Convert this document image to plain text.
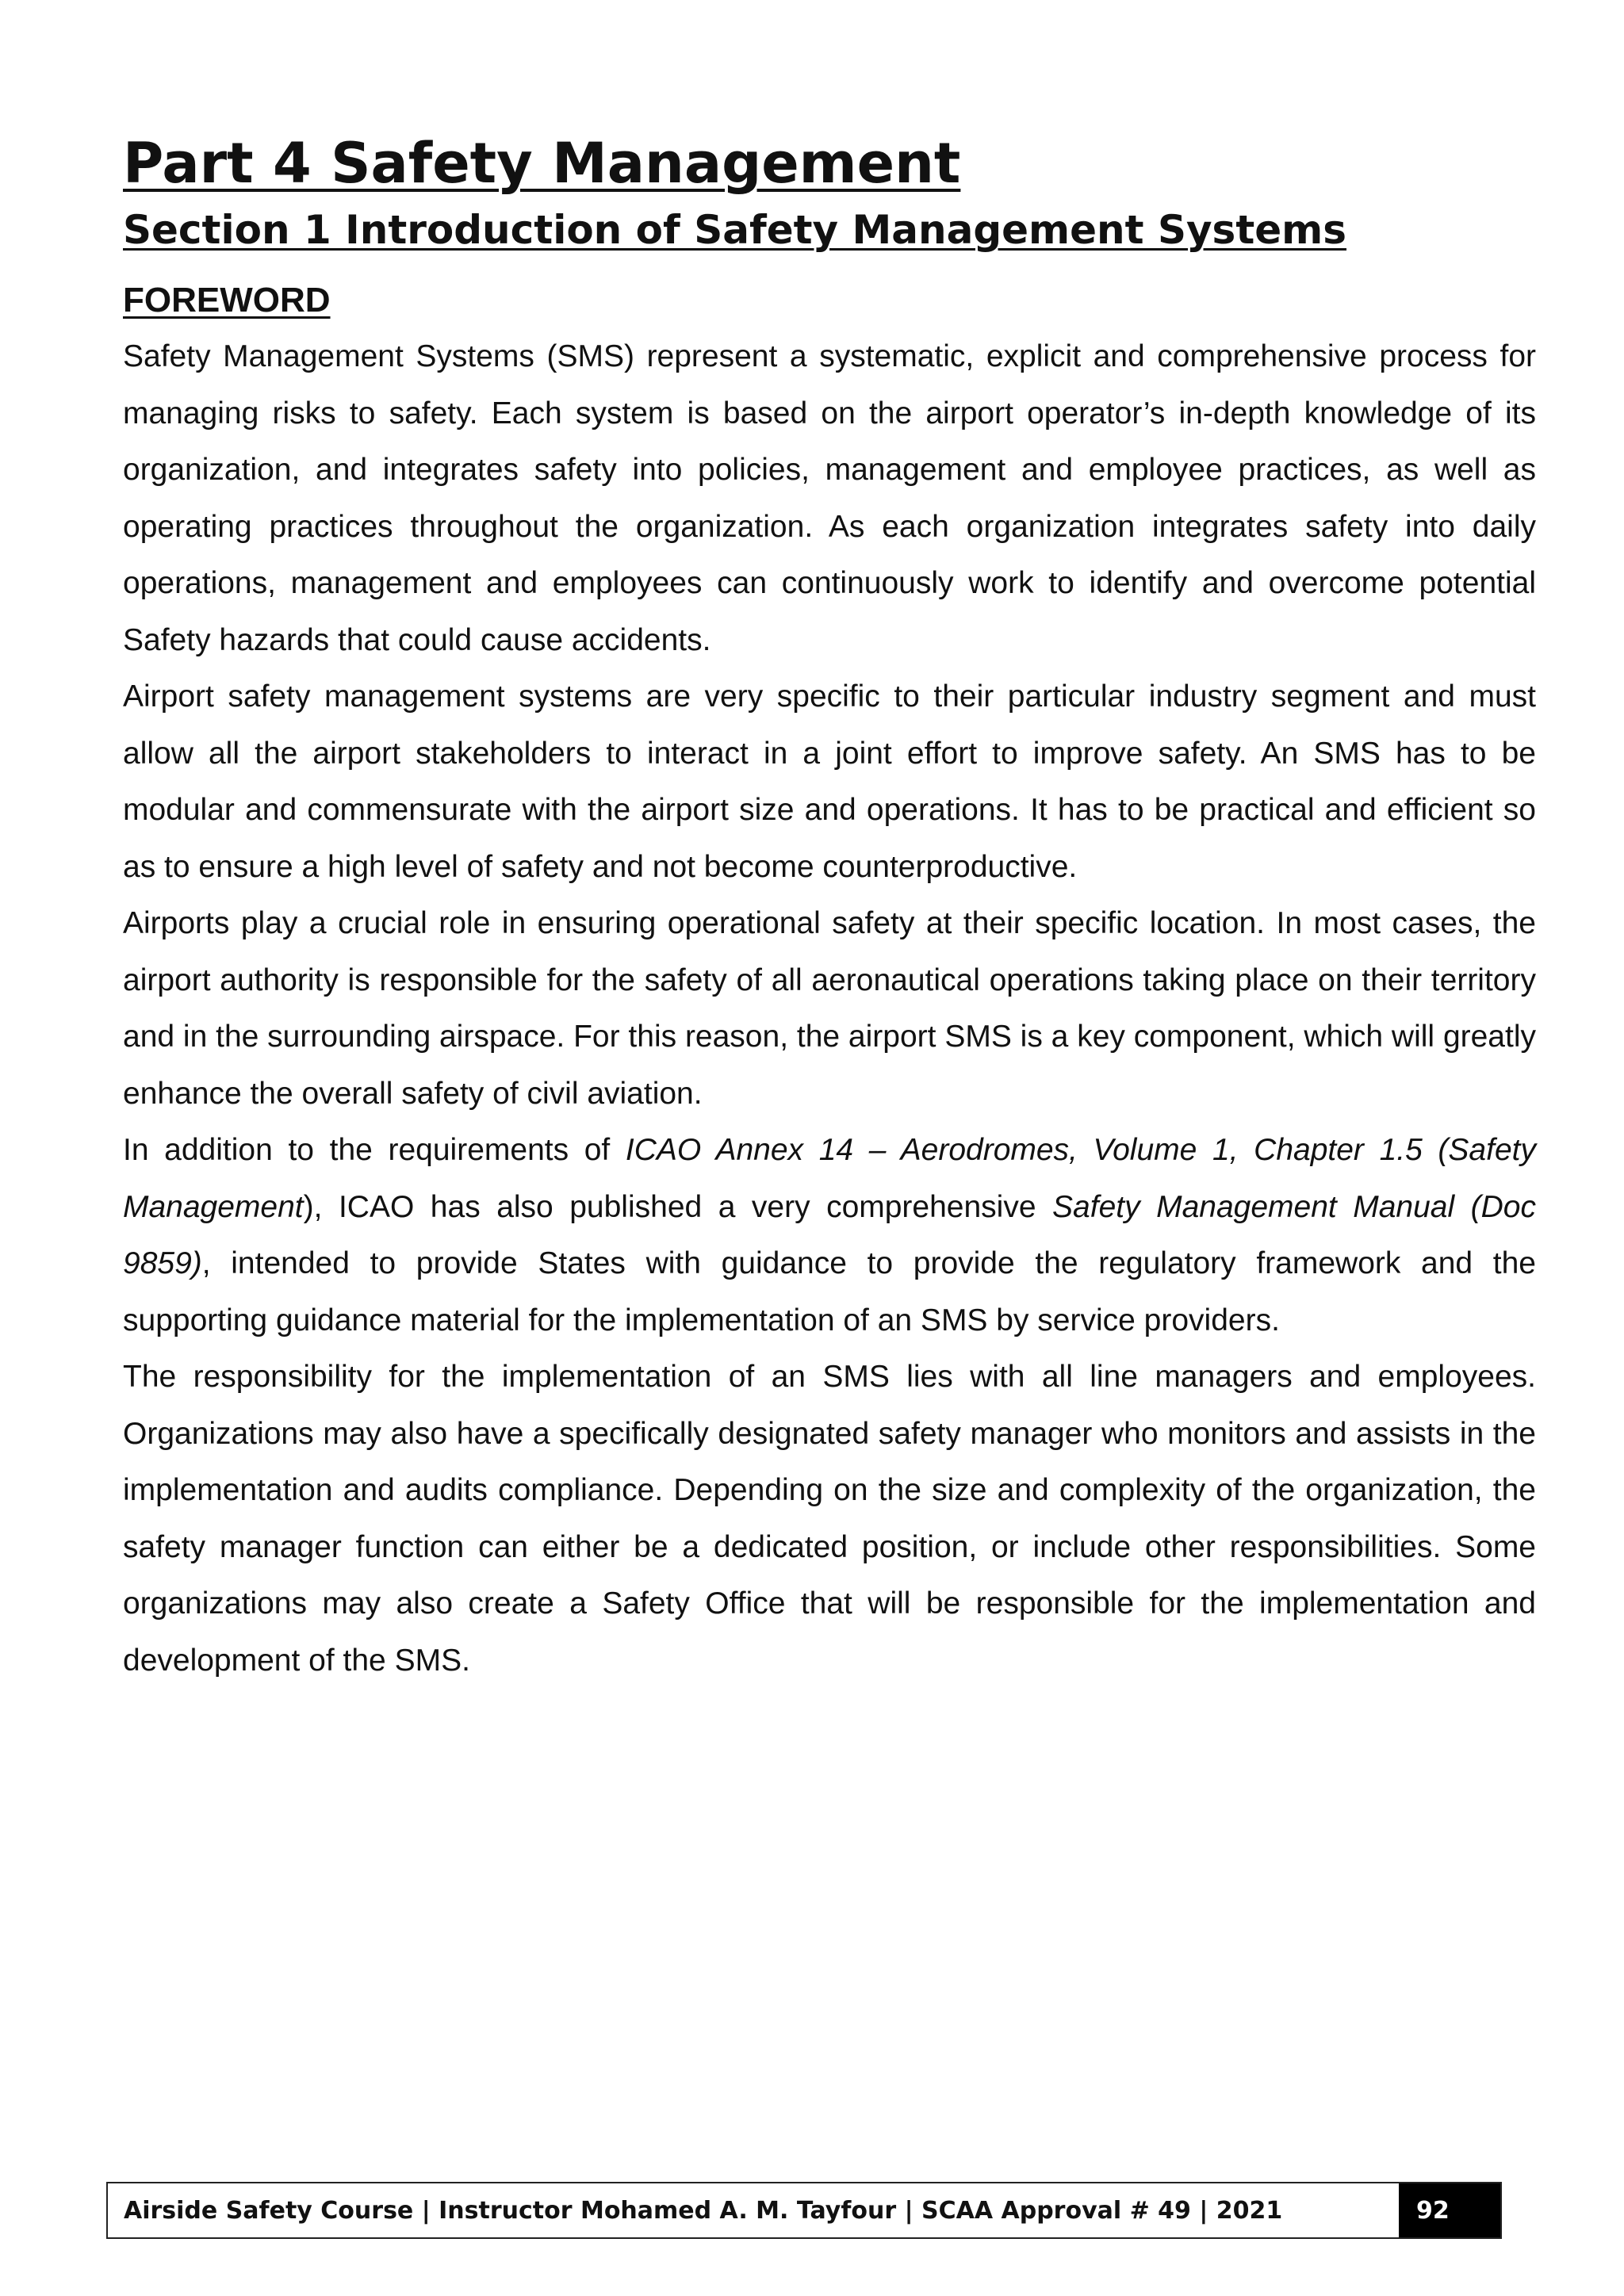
Part 4 Safety Management
Section 1 Introduction of Safety Management Systems
FOREWORD

Safety Management Systems (SMS) represent a systematic, explicit and comprehensive process for managing risks to safety. Each system is based on the airport operator’s in-depth knowledge of its organization, and integrates safety into policies, management and employee practices, as well as operating practices throughout the organization. As each organization integrates safety into daily operations, management and employees can continuously work to identify and overcome potential Safety hazards that could cause accidents.

Airport safety management systems are very specific to their particular industry segment and must allow all the airport stakeholders to interact in a joint effort to improve safety. An SMS has to be modular and commensurate with the airport size and operations. It has to be practical and efficient so as to ensure a high level of safety and not become counterproductive.

Airports play a crucial role in ensuring operational safety at their specific location. In most cases, the airport authority is responsible for the safety of all aeronautical operations taking place on their territory and in the surrounding airspace. For this reason, the airport SMS is a key component, which will greatly enhance the overall safety of civil aviation.

In addition to the requirements of ICAO Annex 14 – Aerodromes, Volume 1, Chapter 1.5 (Safety Management), ICAO has also published a very comprehensive Safety Management Manual (Doc 9859), intended to provide States with guidance to provide the regulatory framework and the supporting guidance material for the implementation of an SMS by service providers.

The responsibility for the implementation of an SMS lies with all line managers and employees. Organizations may also have a specifically designated safety manager who monitors and assists in the implementation and audits compliance. Depending on the size and complexity of the organization, the safety manager function can either be a dedicated position, or include other responsibilities. Some organizations may also create a Safety Office that will be responsible for the implementation and development of the SMS.

Airside Safety Course | Instructor Mohamed A. M. Tayfour | SCAA Approval # 49 | 2021	92
